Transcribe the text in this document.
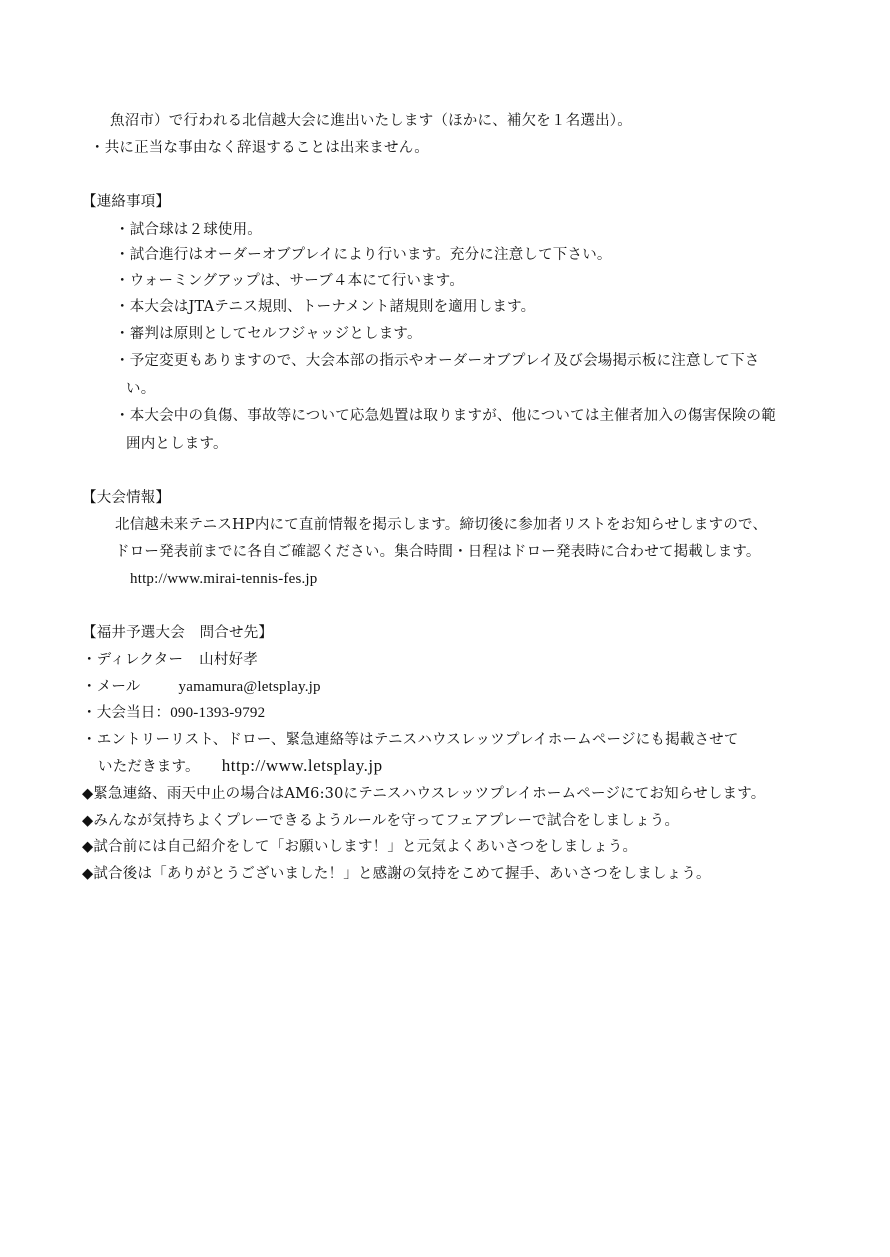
魚沼市）で行われる北信越大会に進出いたします（ほかに、補欠を１名選出）。
・共に正当な事由なく辞退することは出来ません。
【連絡事項】
・試合球は２球使用。
・試合進行はオーダーオブプレイにより行います。充分に注意して下さい。
・ウォーミングアップは、サーブ４本にて行います。
・本大会はJTAテニス規則、トーナメント諸規則を適用します。
・審判は原則としてセルフジャッジとします。
・予定変更もありますので、大会本部の指示やオーダーオブプレイ及び会場掲示板に注意して下さ
い。
・本大会中の負傷、事故等について応急処置は取りますが、他については主催者加入の傷害保険の範
囲内とします。
【大会情報】
北信越未来テニスHP内にて直前情報を掲示します。締切後に参加者リストをお知らせしますので、
ドロー発表前までに各自ご確認ください。集合時間・日程はドロー発表時に合わせて掲載します。
http://www.mirai-tennis-fes.jp
【福井予選大会　問合せ先】
・ディレクター 山村好孝
・メール	yamamura@letsplay.jp
・大会当日：090-1393-9792
・エントリーリスト、ドロー、緊急連絡等はテニスハウスレッツプレイホームページにも掲載させて
いただきます。 http://www.letsplay.jp
◆緊急連絡、雨天中止の場合はAM6:30にテニスハウスレッツプレイホームページにてお知らせします。
◆みんなが気持ちよくプレーできるようルールを守ってフェアプレーで試合をしましょう。
◆試合前には自己紹介をして「お願いします！」と元気よくあいさつをしましょう。
◆試合後は「ありがとうございました！」と感謝の気持をこめて握手、あいさつをしましょう。
